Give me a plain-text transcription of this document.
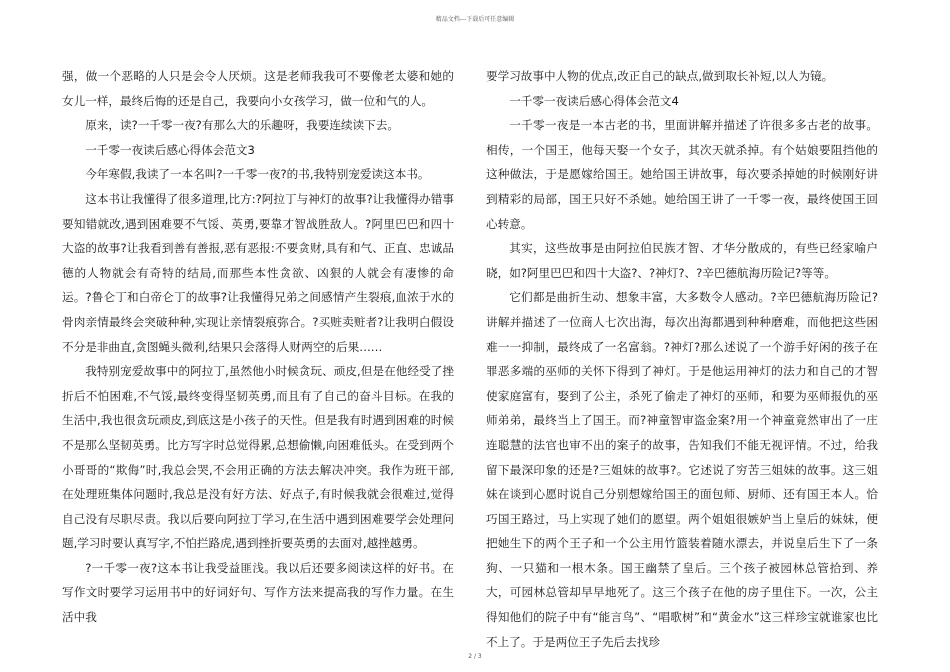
精品文档---下载后可任意编辑

强，做一个恶略的人只是会令人厌烦。这是老师我我可不要像老太婆和她的女儿一样，最终后悔的还是自己，我要向小女孩学习，做一位和气的人。

原来，读?一千零一夜?有那么大的乐趣呀，我要连续读下去。

一千零一夜读后感心得体会范文3

今年寒假,我读了一本名叫?一千零一夜?的书,我特别宠爱读这本书。

这本书让我懂得了很多道理,比方:?阿拉丁与神灯的故事?让我懂得办错事要知错就改,遇到困难要不气馁、英勇,要靠才智战胜敌人。?阿里巴巴和四十大盗的故事?让我看到善有善报,恶有恶报:不要贪财,具有和气、正直、忠诚品德的人物就会有奇特的结局,而那些本性贪欲、凶狠的人就会有凄惨的命运。?鲁仑丁和白帝仑丁的故事?让我懂得兄弟之间感情产生裂痕,血浓于水的骨肉亲情最终会突破种种,实现让亲情裂痕弥合。?买赃卖赃者?让我明白假设不分是非曲直,贪图蝇头微利,结果只会落得人财两空的后果……

我特别宠爱故事中的阿拉丁,虽然他小时候贪玩、顽皮,但是在他经受了挫折后不怕困难,不气馁,最终变得坚韧英勇,而且有了自己的奋斗目标。在我的生活中,我也很贪玩顽皮,到底这是小孩子的天性。但是我有时遇到困难的时候不是那么坚韧英勇。比方写字时总觉得累,总想偷懒,向困难低头。在受到两个小哥哥的“欺侮”时,我总会哭,不会用正确的方法去解决冲突。我作为班干部,在处理班集体问题时,我总是没有好方法、好点子,有时候我就会很难过,觉得自己没有尽职尽责。我以后要向阿拉丁学习,在生活中遇到困难要学会处理问题,学习时要认真写字,不怕拦路虎,遇到挫折要英勇的去面对,越挫越勇。

?一千零一夜?这本书让我受益匪浅。我以后还要多阅读这样的好书。在写作文时要学习运用书中的好词好句、写作方法来提高我的写作力量。在生活中我

要学习故事中人物的优点,改正自己的缺点,做到取长补短,以人为镜。

一千零一夜读后感心得体会范文4

一千零一夜是一本古老的书，里面讲解并描述了许很多多古老的故事。相传，一个国王，他每天娶一个女子，其次天就杀掉。有个姑娘要阻挡他的这种做法，于是愿嫁给国王。她给国王讲故事，每次要杀掉她的时候刚好讲到精彩的局部，国王只好不杀她。她给国王讲了一千零一夜，最终使国王回心转意。

其实，这些故事是由阿拉伯民族才智、才华分散成的，有些已经家喻户晓，如?阿里巴巴和四十大盗?、?神灯?、?辛巴德航海历险记?等等。

它们都是曲折生动、想象丰富，大多数令人感动。?辛巴德航海历险记?讲解并描述了一位商人七次出海，每次出海都遇到种种磨难，而他把这些困难一一抑制，最终成了一名富翁。?神灯?那么述说了一个游手好闲的孩子在罪恶多端的巫师的关怀下得到了神灯。于是他运用神灯的法力和自己的才智使家庭富有，娶到了公主，杀死了偷走了神灯的巫师，和要为巫师报仇的巫师弟弟，最终当上了国王。而?神童智审盗金案?用一个神童竟然审出了一庄连聪慧的法官也审不出的案子的故事，告知我们不能无视评情。不过，给我留下最深印象的还是?三姐妹的故事?。它述说了穷苦三姐妹的故事。这三姐妹在谈到心愿时说自己分别想嫁给国王的面包师、厨师、还有国王本人。恰巧国王路过，马上实现了她们的愿望。两个姐姐很嫉妒当上皇后的妹妹，便把她生下的两个王子和一个公主用竹篮装着随水漂去，并说皇后生下了一条狗、一只猫和一根木条。国王幽禁了皇后。三个孩子被园林总管拾到、养大，可园林总管却早早地死了。这三个孩子在他的房子里住下。一次，公主得知他们的院子中有“能言鸟”、“唱歌树”和“黄金水”这三样珍宝就谁家也比不上了。于是两位王子先后去找珍

2 / 3
